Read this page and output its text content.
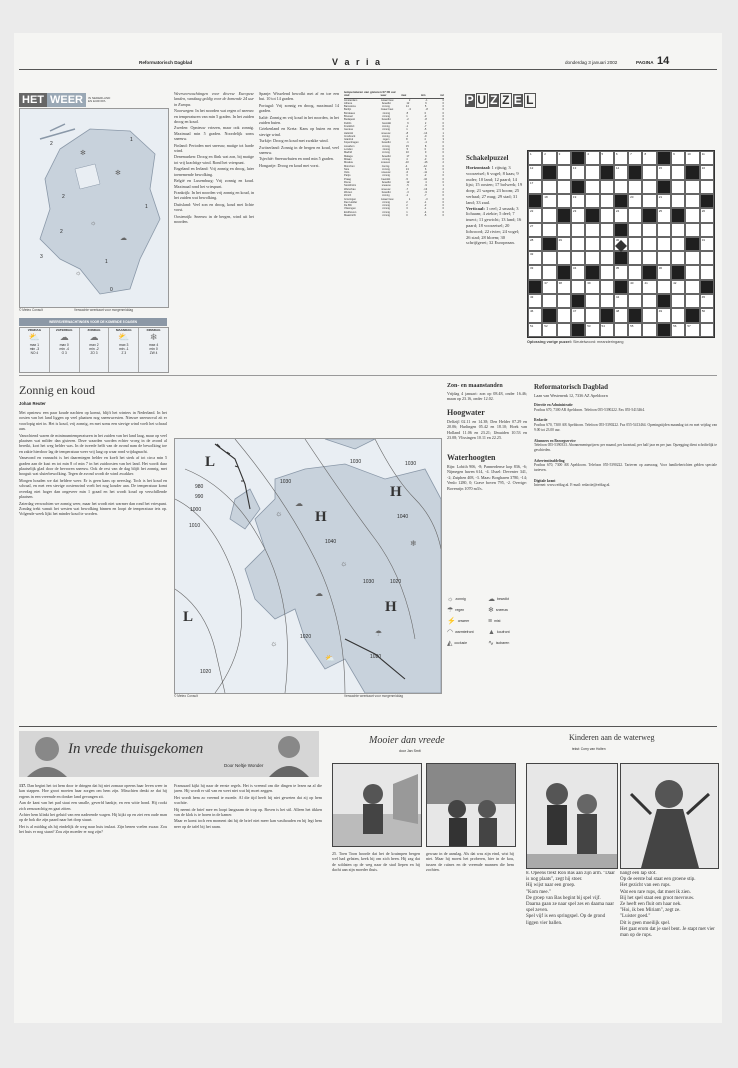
Reformatorisch Dagblad	V a r i a	donderdag 3 januari 2002	PAGINA 14
HET WEER	IN NEDERLAND
EN EUROPA
2
1
2
1
2
3
1
0
✻
✻
☼
☁
☼
© Meteo Consult	Verwachte weerkaart voor morgenmiddag
WEERSVERWACHTINGEN VOOR DE KOMENDE 5 DAGEN
VRIJDAG
⛅
max 1
min -3
NO 4
ZATERDAG
☁
max 0
min -4
O 3
ZONDAG
☁
max 2
min -2
ZO 3
MAANDAG
⛅
max 3
min -1
Z 3
DINSDAG
❄
max 4
min 0
ZW 4
Zonnig en koud
Johan Reuter

Met opnieuw een paar koude nachten op komst, blijft het winters in Nederland. In het oosten van het land liggen op veel plaatsen nog sneeuwresten. Nieuwe sneeuwval zit er voorlopig niet in. Het is koud, vrij zonnig, en met soms een stevige wind voelt het schraal aan.

Vanochtend waren de minimumtemperaturen in het zuiden van het land laag, maar op veel plaatsen wat milder dan gisteren. Deze waarden worden echter vroeg in de avond al bereikt, kort het weg helder was. In de tweede helft van de avond nam de bewolking toe en zakte hierdoor lag de temperatuur weer vrij laag op waar rond vrijdagnacht.

Vanavond en vannacht is het daarentegen helder en koelt het sterk af tot circa min 5 graden aan de kust en tot min 8 of min 7 in het zuidoosten van het land. Het wordt daar plaatselijk glad door de bevroren sneeuw. Ook de rest van de dag blijft het zonnig, met hooguit wat sluierbewolking. Tegen de avond wordt de wind zwakker.

Morgen houden we dat heldere weer. Er is geen kans op neerslag. Toch is het koud en schraal, en met een stevige oostenwind voelt het nog kouder aan. De temperatuur komt overdag niet hoger dan ongeveer min 1 graad en het wordt koud op verschillende plaatsen.

Zaterdag verwachten we zonnig weer, maar het wordt niet warmer dan rond het vriespunt. Zondag trekt vanuit het westen wat bewolking binnen en loopt de temperatuur iets op. Volgende week lijkt het minder koud te worden.

Weersverwachtingen voor diverse Europese landen, vandaag geldig voor de komende 24 uur in Europa.

Noorwegen: In het noorden wat regen of sneeuw en temperaturen van min 5 graden. In het zuiden droog en koud.

Zweden: Opnieuw vriezen, maar ook zonnig. Maximaal min 5 graden. Noordelijk soms sneeuw.

Finland: Perioden met sneeuw, matige tot harde wind.

Denemarken: Droog en flink wat zon, bij matige tot vrij krachtige wind. Rond het vriespunt.

Engeland en Ierland: Vrij zonnig en droog, later toenemende bewolking.

België en Luxemburg: Vrij zonnig en koud. Maximaal rond het vriespunt.

Frankrijk: In het noorden vrij zonnig en koud, in het zuiden wat bewolking.

Duitsland: Veel zon en droog, koud met lichte vorst.

Oostenrijk: Sneeuw in de bergen, wind uit het noorden.

Spanje: Wisselend bewolkt met af en toe een bui. 10 tot 14 graden.

Portugal: Vrij zonnig en droog, maximaal 14 graden.

Italië: Zonnig en vrij koud in het noorden, in het zuiden buien.

Griekenland en Kreta: Kans op buien en een stevige wind.

Turkije: Droog en koud met zwakke wind.

Zwitserland: Zonnig in de bergen en koud, veel sneeuw.

Tsjechië: Sneeuwbuien en rond min 5 graden.

Hongarije: Droog en koud met vorst.

temperaturen van gisteren 07:00 uur
stad	weer	max	min	nst
Amsterdam	zwaar bew.	2	-1	0
Athene	bewolkt	12	6	0
Barcelona	zonnig	14	5	0
Berlijn	zwaar bew.	-3	-8	0
Bordeaux	zonnig	8	0	0
Brussel	zonnig	1	-3	0
Budapest	bewolkt	-2	-8	0
Dublin	bewolkt	6	2	0
Frankfurt	zonnig	-1	-7	0
Genève	zonnig	1	-5	0
Helsinki	sneeuw	-8	-14	1
Innsbruck	zonnig	-1	-9	0
Istanbul	regen	8	4	3
Kopenhagen	bewolkt	-1	-4	0
Lissabon	zonnig	15	8	0
Londen	zonnig	5	0	0
Madrid	zonnig	10	0	0
Malaga	bewolkt	17	9	0
Milaan	zonnig	4	-3	0
Moskou	sneeuw	-10	-16	2
München	zonnig	-4	-12	0
Nice	zonnig	13	6	0
Oslo	sneeuw	-6	-11	1
Parijs	zonnig	3	-2	0
Praag	bewolkt	-5	-10	0
Rome	bewolkt	12	4	0
Stockholm	sneeuw	-5	-9	1
Warschau	sneeuw	-7	-13	2
Wenen	bewolkt	-3	-9	0
Zürich	zonnig	-1	-7	0
Groningen	zwaar bew.	1	-3	0
Den Helder	zonnig	2	-1	0
De Bilt	zonnig	2	-2	0
Vlissingen	zonnig	3	-1	0
Eindhoven	zonnig	1	-4	0
Maastricht	zonnig	0	-5	0
P U Z Z E L
Schakelpuzzel
Horizontaal: 1 rijtuig; 3 voorzetsel; 6 vogel; 8 kaas; 9 ouder; 10 land; 12 paard; 14 lijst; 15 oosten; 17 bolwerk; 19 dorp; 21 wapen; 23 boom; 25 verhaal; 27 mug; 29 stad; 31 land; 33 zaal.
Verticaal: 1 ceel; 2 smaak; 3 lichaam; 4 ziekte; 5 deel; 7 insect; 11 gewicht; 13 land; 16 paard; 18 voorzetsel; 20 lidwoord; 22 rivier; 24 vogel; 26 stad; 28 bloem; 30 schrijfgerei; 32 Europeaan.
1	2	3	4	5	6	7	8	9	10	11
12	13	14	15	16
17
18	19	20	21
22	23	24	25	26
27
28	29	30	31
32
33	34	35	36
37	38	39	40	41	42
43	44	45
46	47	48	49	50
51	52	53	54	55	56	57
Oplossing vorige puzzel: Sleutelwoord: meanderingang
L
H
H
H
L
980
990
1000
1010
1020
1030
1030
1040
1040
1030
1030	1020
1020
1020
☼
☁
☼
☁
❄
☼
⛅
☂
© Meteo Consult	Verwachte weerkaart voor morgenmiddag
Zon- en maanstanden
Vrijdag 4 januari: zon op 08.48, onder 16.46; maan op 23.16, onder 12.02.
Hoogwater
Delfzijl 02.11 en 14.38; Den Helder 07.29 en 20.06; Harlingen 05.42 en 18.10; Hoek van Holland 11.06 en 23.21; IJmuiden 10.53 en 23.08; Vlissingen 10.11 en 22.25.
Waterhoogten
Rijn: Lobith 906, -8; Pannerdense kop 836, -6; Nijmegen haven 614, -4. IJssel: Deventer 341, -2; Zutphen 408, -3. Maas: Borgharen 3780, -14; Venlo 1280, 0; Grave boven 795, -2. Overige: Bovenrijn 1070 m3/s.
☼ zonnig	☁ bewolkt
☂ regen	❄ sneeuw
⚡ onweer	≡ mist
◠ warmtefront ▲ koufront
◭ occlusie	∿ isobaren
Reformatorisch Dagblad
Laan van Westenenk 12, 7336 AZ Apeldoorn
Directie en Administratie

Postbus 670, 7300 AR Apeldoorn. Telefoon 055-5390222. Fax 055-5413464.

Redactie

Postbus 670, 7300 AR Apeldoorn. Telefoon 055-5390222. Fax 055-5413464. Openingstijden maandag tot en met vrijdag van 9.00 tot 23.00 uur.

Abonnees en Bezorgservice

Telefoon 055-5390333. Abonnementsprijzen: per maand, per kwartaal, per half jaar en per jaar. Opzegging dient schriftelijk te geschieden.

Advertentieafdeling

Postbus 670, 7300 AR Apeldoorn. Telefoon 055-5390222. Tarieven op aanvraag. Voor familieberichten gelden speciale tarieven.

Digitale krant

Internet: www.refdag.nl. E-mail: redactie@refdag.nl.

In vrede thuisgekomen
Door Neltje Wonder

137. Dan begint het tot hem door te dringen dat hij niet zomaar opeens haar leven weer in kan stappen. Hoe groot moeten haar zorgen om hem zijn. Misschien denkt ze dat hij ergens in een vreemde en donker land gevangen zit.

Aan de kant van het pad staat een smalle, geverfd bankje, en een witte hond. Hij rookt zich zenuwachtig en gaat zitten.

Achter hem klinkt het geluid van een naderende wagen. Hij kijkt op en ziet een oude man op de bok die zijn paard naar het dorp stuurt.

Het is al middag als hij eindelijk de weg naar huis inslaat. Zijn benen voelen zwaar. Zou het huis er nog staan? Zou zijn moeder er nog zijn?

Fransuard kijkt hij naar de eerste regels. Het is vreemd om die dingen te lezen na al die jaren. Hij wordt er stil van en weet niet wat hij moet zeggen.

Het wordt hem zo vreemd te moede. Al die tijd heeft hij niet geweten dat zij op hem wachtte.

Hij neemt de brief mee en loopt langzaam de trap op. Boven is het stil. Alleen het tikken van de klok is te horen in de kamer.

Maar er komt toch een moment dat hij de brief niet meer kan vasthouden en hij legt hem neer op de tafel bij het raam.

Mooier dan vreede
door Jan Smit
25. Toen Toon hoorde dat het de kruimpen bergen wel had gelaten, keek hij om zich heen. Hij zag dat de soldaten op de weg naar de stad liepen en hij dacht aan zijn moeder thuis.
gewaar in de aanslag. Als dat was zijn eind, wist hij niet. Maar hij moest het proberen, hier in de kou, tussen de ruïnes en de vreemde mannen die hem zochten.
Kinderen aan de waterweg
tekst: Corry van Holten
8. Opeens trekt Ron Bas aan zijn arm. "Daar is nog plaats", zegt hij stoer.
Hij wijst naar een groep.
"Kom mee."
De groep van Bas begint bij spel vijf.
Daarna gaan ze naar spel zes en daarna naar spel zeven.
Spel vijf is een springspel. Op de grond liggen vier ballen.
hangt een lap stof.
Op de eerste bal staat een groene stip.
Het gezicht van een rups.
Wat een rare rups, dat moet ik zien.
Bij het spel staat een groot mevrouw.
Ze heeft een fluit om haar nek.
"Hoi, ik ben Miriam", zegt ze.
"Luister goed."
Dit is geen moeilijk spel.
Het gaat erom dat je snel bent. Je stapt met vier man op de rups.
